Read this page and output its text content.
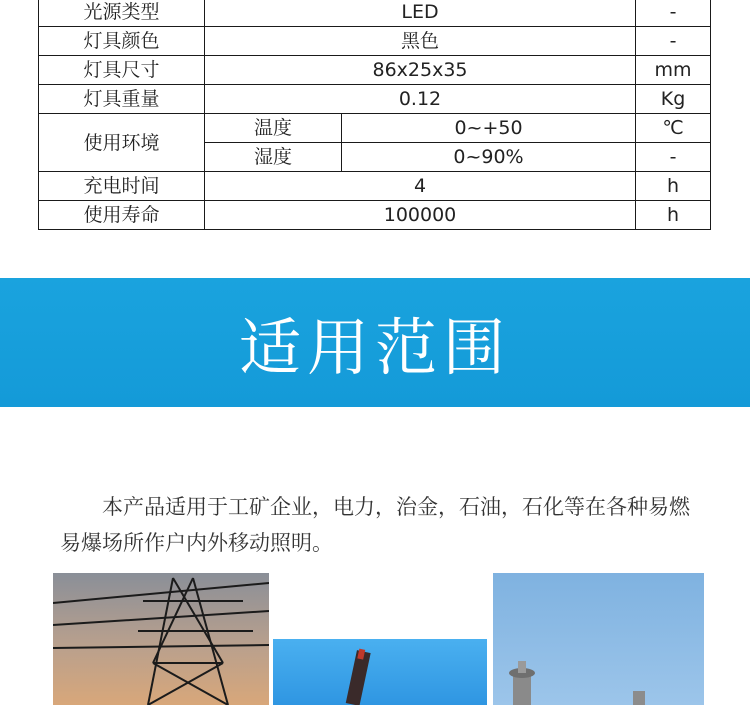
光源类型	LED		-
灯具颜色	黑色		-
灯具尺寸	86x25x35		mm
灯具重量	0.12		Kg
使用环境	温度	0~+50	℃
	湿度	0~90%	-
充电时间	4		h
使用寿命	100000		h
适用范围

本产品适用于工矿企业，电力，治金，石油，石化等在各种易燃易爆场所作户内外移动照明。
